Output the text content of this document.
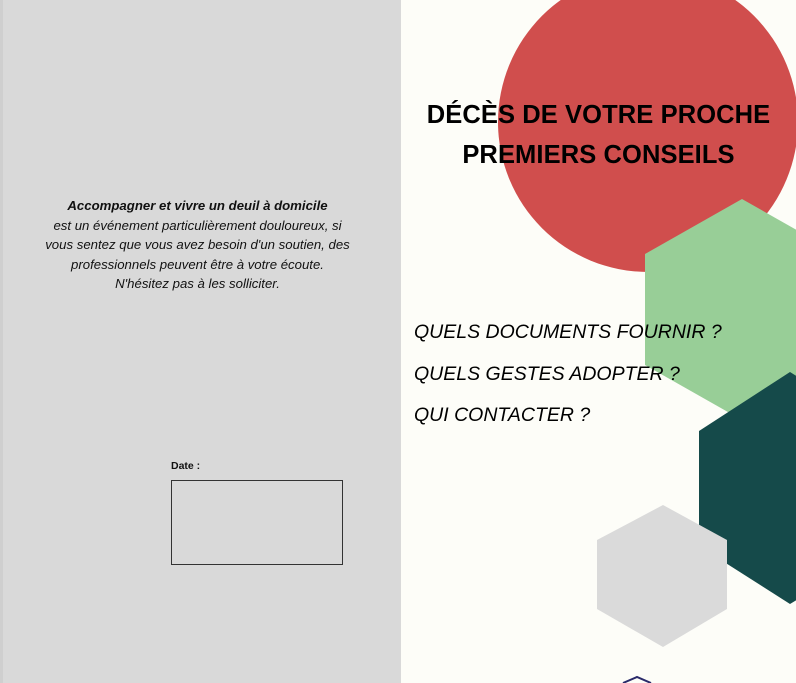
Accompagner et vivre un deuil à domicile
est un événement particulièrement douloureux, si
vous sentez que vous avez besoin d'un soutien, des
professionnels peuvent être à votre écoute.
N'hésitez pas à les solliciter.
Date :
DÉCÈS DE VOTRE PROCHE
PREMIERS CONSEILS
QUELS DOCUMENTS FOURNIR ?
QUELS GESTES ADOPTER ?
QUI CONTACTER ?
